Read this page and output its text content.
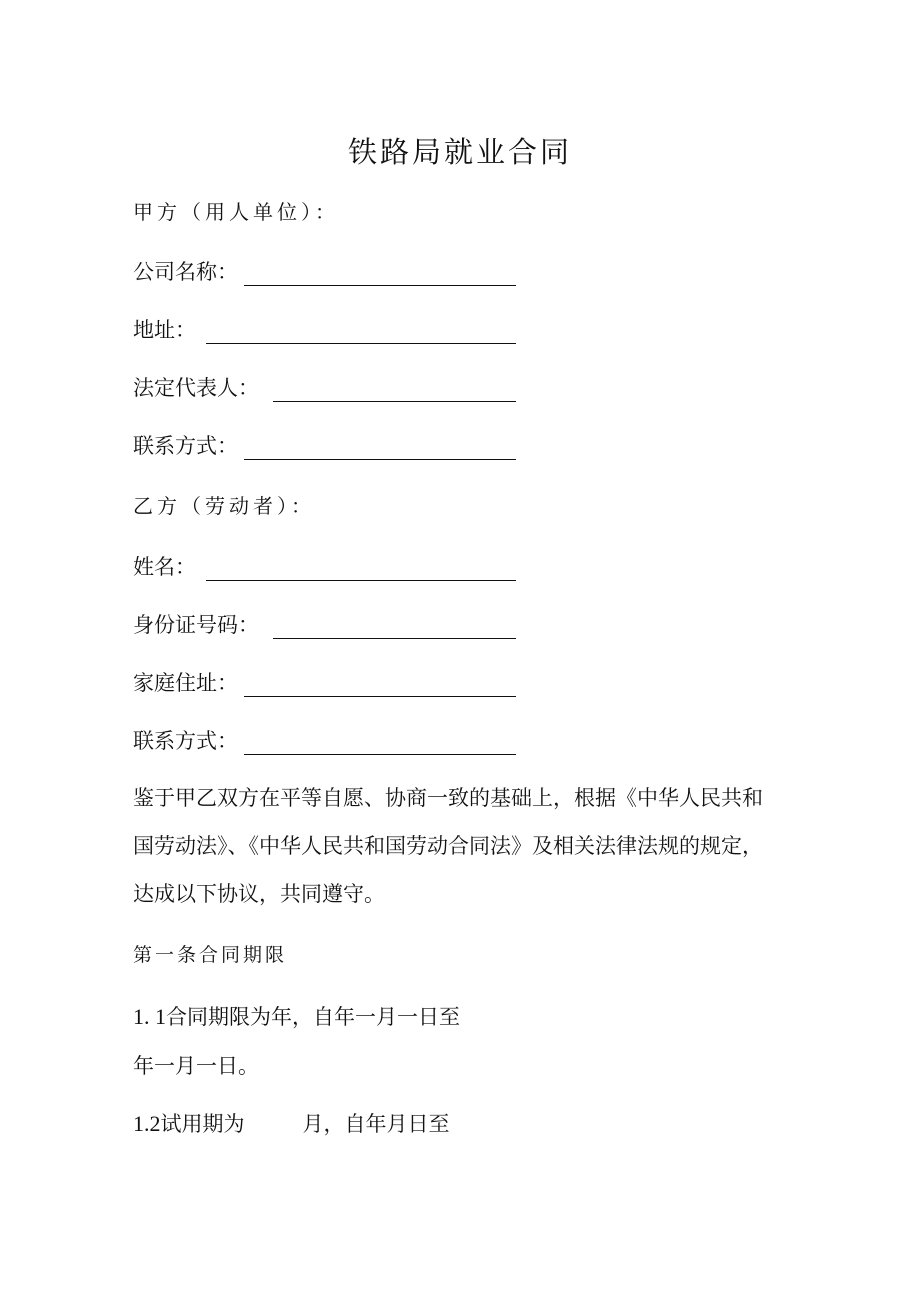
铁路局就业合同
甲方（用人单位）：
公司名称：
地址：
法定代表人：
联系方式：
乙方（劳动者）：
姓名：
身份证号码：
家庭住址：
联系方式：
鉴于甲乙双方在平等自愿、协商一致的基础上，根据《中华人民共和
国劳动法》、《中华人民共和国劳动合同法》及相关法律法规的规定，
达成以下协议，共同遵守。
第一条合同期限
1. 1合同期限为年，自年一月一日至
年一月一日。
1.2试用期为	月，自年月日至
